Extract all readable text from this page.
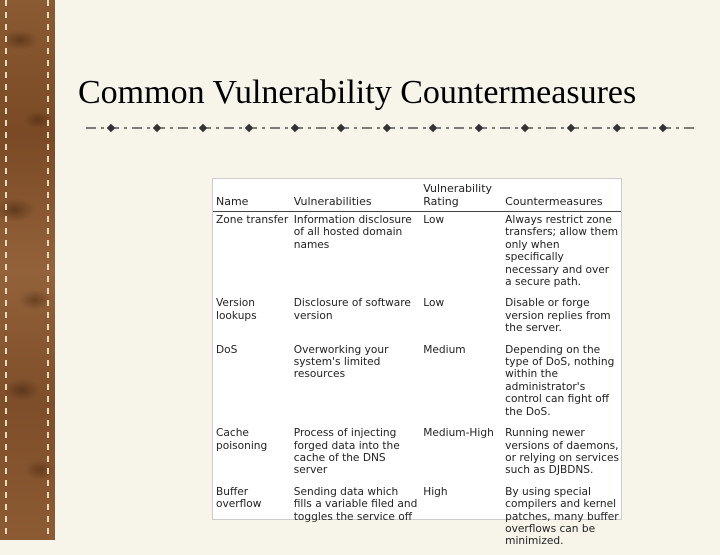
Common Vulnerability Countermeasures
Name	Vulnerabilities	Vulnerability Rating	Countermeasures
Zone transfer	Information disclosure of all hosted domain names	Low	Always restrict zone transfers; allow them only when specifically necessary and over a secure path.
Version lookups	Disclosure of software version	Low	Disable or forge version replies from the server.
DoS	Overworking your system's limited resources	Medium	Depending on the type of DoS, nothing within the administrator's control can fight off the DoS.
Cache poisoning	Process of injecting forged data into the cache of the DNS server	Medium-High	Running newer versions of daemons, or relying on services such as DJBDNS.
Buffer overflow	Sending data which fills a variable filed and toggles the service off	High	By using special compilers and kernel patches, many buffer overflows can be minimized.
